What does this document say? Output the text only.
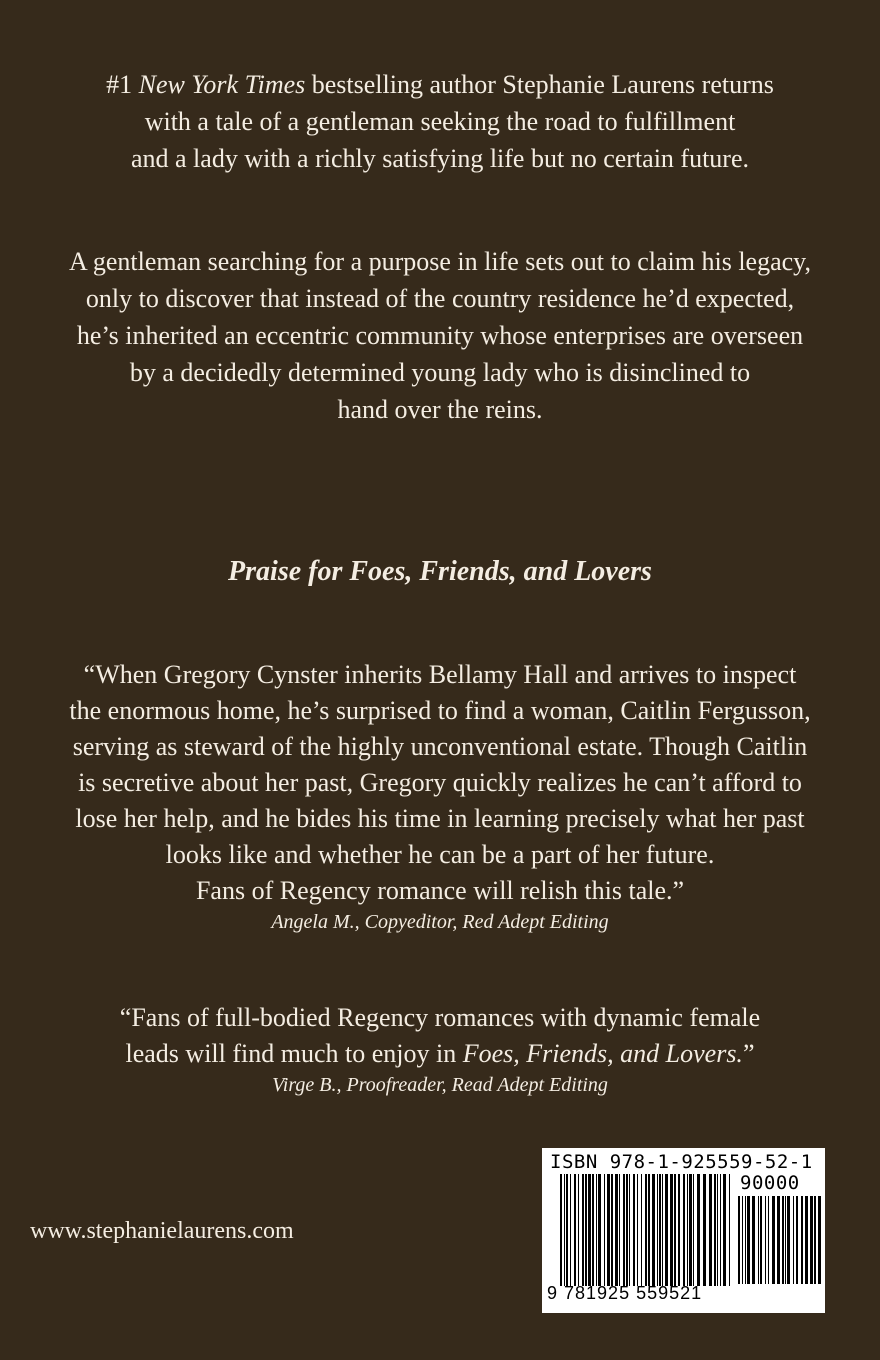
#1 New York Times bestselling author Stephanie Laurens returns
with a tale of a gentleman seeking the road to fulfillment
and a lady with a richly satisfying life but no certain future.
A gentleman searching for a purpose in life sets out to claim his legacy,
only to discover that instead of the country residence he’d expected,
he’s inherited an eccentric community whose enterprises are overseen
by a decidedly determined young lady who is disinclined to
hand over the reins.
Praise for Foes, Friends, and Lovers
“When Gregory Cynster inherits Bellamy Hall and arrives to inspect
the enormous home, he’s surprised to find a woman, Caitlin Fergusson,
serving as steward of the highly unconventional estate. Though Caitlin
is secretive about her past, Gregory quickly realizes he can’t afford to
lose her help, and he bides his time in learning precisely what her past
looks like and whether he can be a part of her future.
Fans of Regency romance will relish this tale.”
Angela M., Copyeditor, Red Adept Editing
“Fans of full-bodied Regency romances with dynamic female
leads will find much to enjoy in Foes, Friends, and Lovers.”
Virge B., Proofreader, Read Adept Editing
www.stephanielaurens.com
ISBN 978-1-925559-52-1
90000
9 781925 559521
